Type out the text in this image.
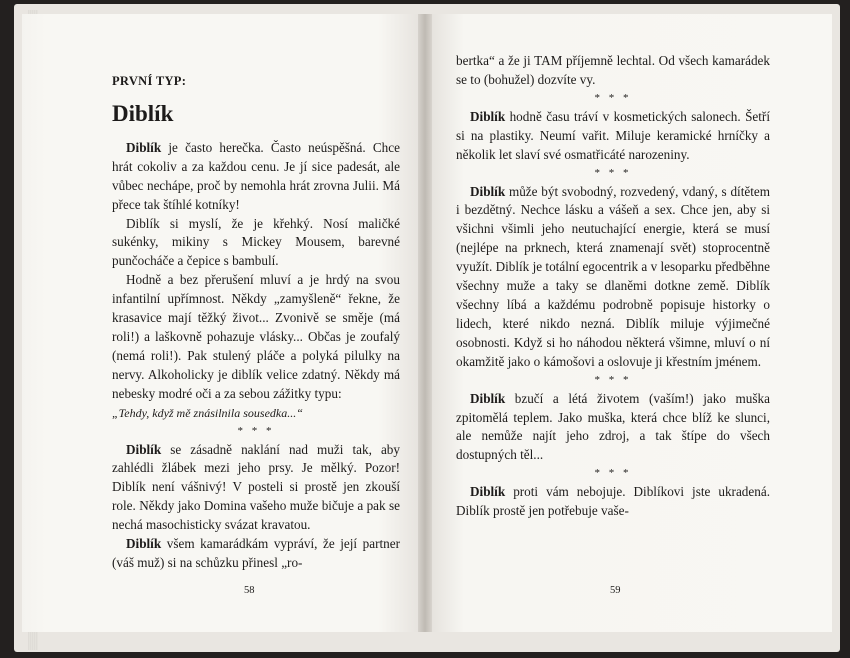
PRVNÍ TYP:
Diblík

Diblík je často herečka. Často neúspěšná. Chce hrát cokoliv a za každou cenu. Je jí sice padesát, ale vůbec nechápe, proč by nemohla hrát zrovna Julii. Má přece tak štíhlé kotníky!

Diblík si myslí, že je křehký. Nosí maličké sukénky, mikiny s Mickey Mousem, barevné punčocháče a čepice s bambulí.

Hodně a bez přerušení mluví a je hrdý na svou infantilní upřímnost. Někdy „zamyšleně“ řekne, že krasavice mají těžký život... Zvonivě se směje (má roli!) a laškovně pohazuje vlásky... Občas je zoufalý (nemá roli!). Pak stulený pláče a polyká pilulky na nervy. Alkoholicky je diblík velice zdatný. Někdy má nebesky modré oči a za sebou zážitky typu:
„Tehdy, když mě znásilnila sousedka...“

* * *

Diblík se zásadně naklání nad muži tak, aby zahlédli žlábek mezi jeho prsy. Je mělký. Pozor! Diblík není vášnivý! V posteli si prostě jen zkouší role. Někdy jako Domina vašeho muže bičuje a pak se nechá masochisticky svázat kravatou.

Diblík všem kamarádkám vypráví, že její partner (váš muž) si na schůzku přinesl „ro-

58

bertka“ a že ji TAM příjemně lechtal. Od všech kamarádek se to (bohužel) dozvíte vy.

* * *

Diblík hodně času tráví v kosmetických salonech. Šetří si na plastiky. Neumí vařit. Miluje keramické hrníčky a několik let slaví své osmatřicáté narozeniny.

* * *

Diblík může být svobodný, rozvedený, vdaný, s dítětem i bezdětný. Nechce lásku a vášeň a sex. Chce jen, aby si všichni všimli jeho neutuchající energie, která se musí (nejlépe na prknech, která znamenají svět) stoprocentně využít. Diblík je totální egocentrik a v lesoparku předběhne všechny muže a taky se dlaněmi dotkne země. Diblík všechny líbá a každému podrobně popisuje historky o lidech, které nikdo nezná. Diblík miluje výjimečné osobnosti. Když si ho náhodou některá všimne, mluví o ní okamžitě jako o kámošovi a oslovuje ji křestním jménem.

* * *

Diblík bzučí a létá životem (vaším!) jako muška zpitomělá teplem. Jako muška, která chce blíž ke slunci, ale nemůže najít jeho zdroj, a tak štípe do všech dostupných těl...

* * *

Diblík proti vám nebojuje. Diblíkovi jste ukradená. Diblík prostě jen potřebuje vaše-

59
